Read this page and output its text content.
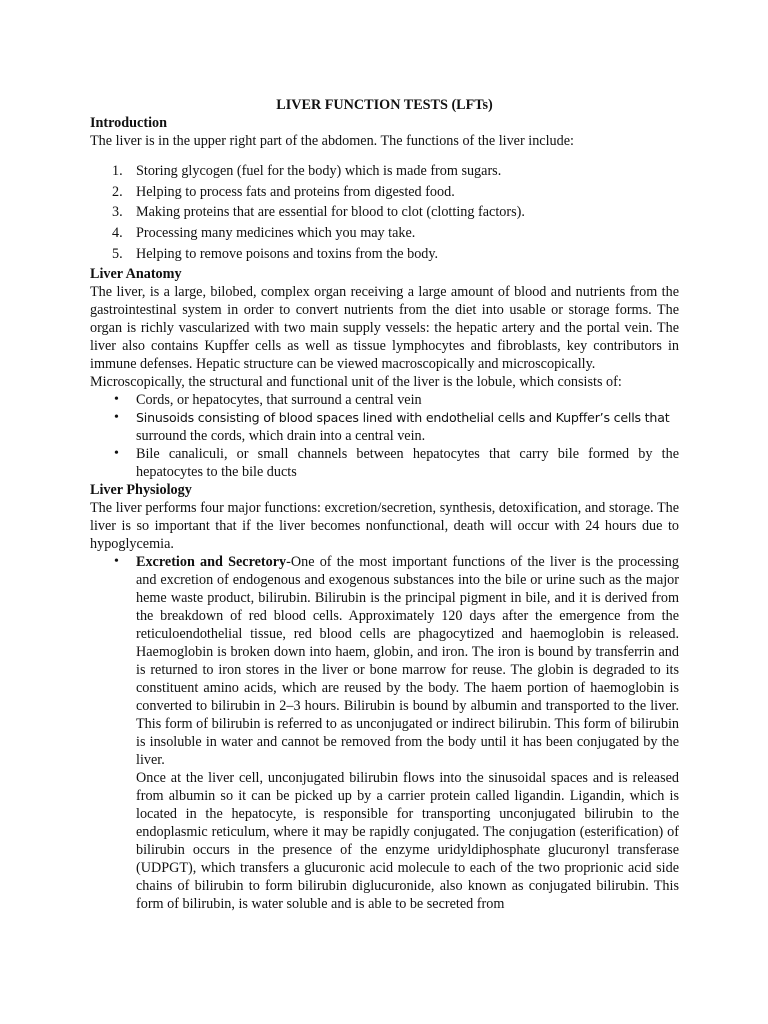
LIVER FUNCTION TESTS (LFTs)
Introduction

The liver is in the upper right part of the abdomen. The functions of the liver include:

1. Storing glycogen (fuel for the body) which is made from sugars.
2. Helping to process fats and proteins from digested food.
3. Making proteins that are essential for blood to clot (clotting factors).
4. Processing many medicines which you may take.
5. Helping to remove poisons and toxins from the body.
Liver Anatomy

The liver, is a large, bilobed, complex organ receiving a large amount of blood and nutrients from the gastrointestinal system in order to convert nutrients from the diet into usable or storage forms. The organ is richly vascularized with two main supply vessels: the hepatic artery and the portal vein. The liver also contains Kupffer cells as well as tissue lymphocytes and fibroblasts, key contributors in immune defenses. Hepatic structure can be viewed macroscopically and microscopically.

Microscopically, the structural and functional unit of the liver is the lobule, which consists of:

• Cords, or hepatocytes, that surround a central vein
• Sinusoids consisting of blood spaces lined with endothelial cells and Kupffer’s cells that
surround the cords, which drain into a central vein.
• Bile canaliculi, or small channels between hepatocytes that carry bile formed by the hepatocytes to the bile ducts
Liver Physiology

The liver performs four major functions: excretion/secretion, synthesis, detoxification, and storage. The liver is so important that if the liver becomes nonfunctional, death will occur with 24 hours due to hypoglycemia.

• Excretion and Secretory-One of the most important functions of the liver is the processing and excretion of endogenous and exogenous substances into the bile or urine such as the major heme waste product, bilirubin. Bilirubin is the principal pigment in bile, and it is derived from the breakdown of red blood cells. Approximately 120 days after the emergence from the reticuloendothelial tissue, red blood cells are phagocytized and haemoglobin is released. Haemoglobin is broken down into haem, globin, and iron. The iron is bound by transferrin and is returned to iron stores in the liver or bone marrow for reuse. The globin is degraded to its constituent amino acids, which are reused by the body. The haem portion of haemoglobin is converted to bilirubin in 2–3 hours. Bilirubin is bound by albumin and transported to the liver. This form of bilirubin is referred to as unconjugated or indirect bilirubin. This form of bilirubin is insoluble in water and cannot be removed from the body until it has been conjugated by the liver.

Once at the liver cell, unconjugated bilirubin flows into the sinusoidal spaces and is released from albumin so it can be picked up by a carrier protein called ligandin. Ligandin, which is located in the hepatocyte, is responsible for transporting unconjugated bilirubin to the endoplasmic reticulum, where it may be rapidly conjugated. The conjugation (esterification) of bilirubin occurs in the presence of the enzyme uridyldiphosphate glucuronyl transferase (UDPGT), which transfers a glucuronic acid molecule to each of the two proprionic acid side chains of bilirubin to form bilirubin diglucuronide, also known as conjugated bilirubin. This form of bilirubin, is water soluble and is able to be secreted from
